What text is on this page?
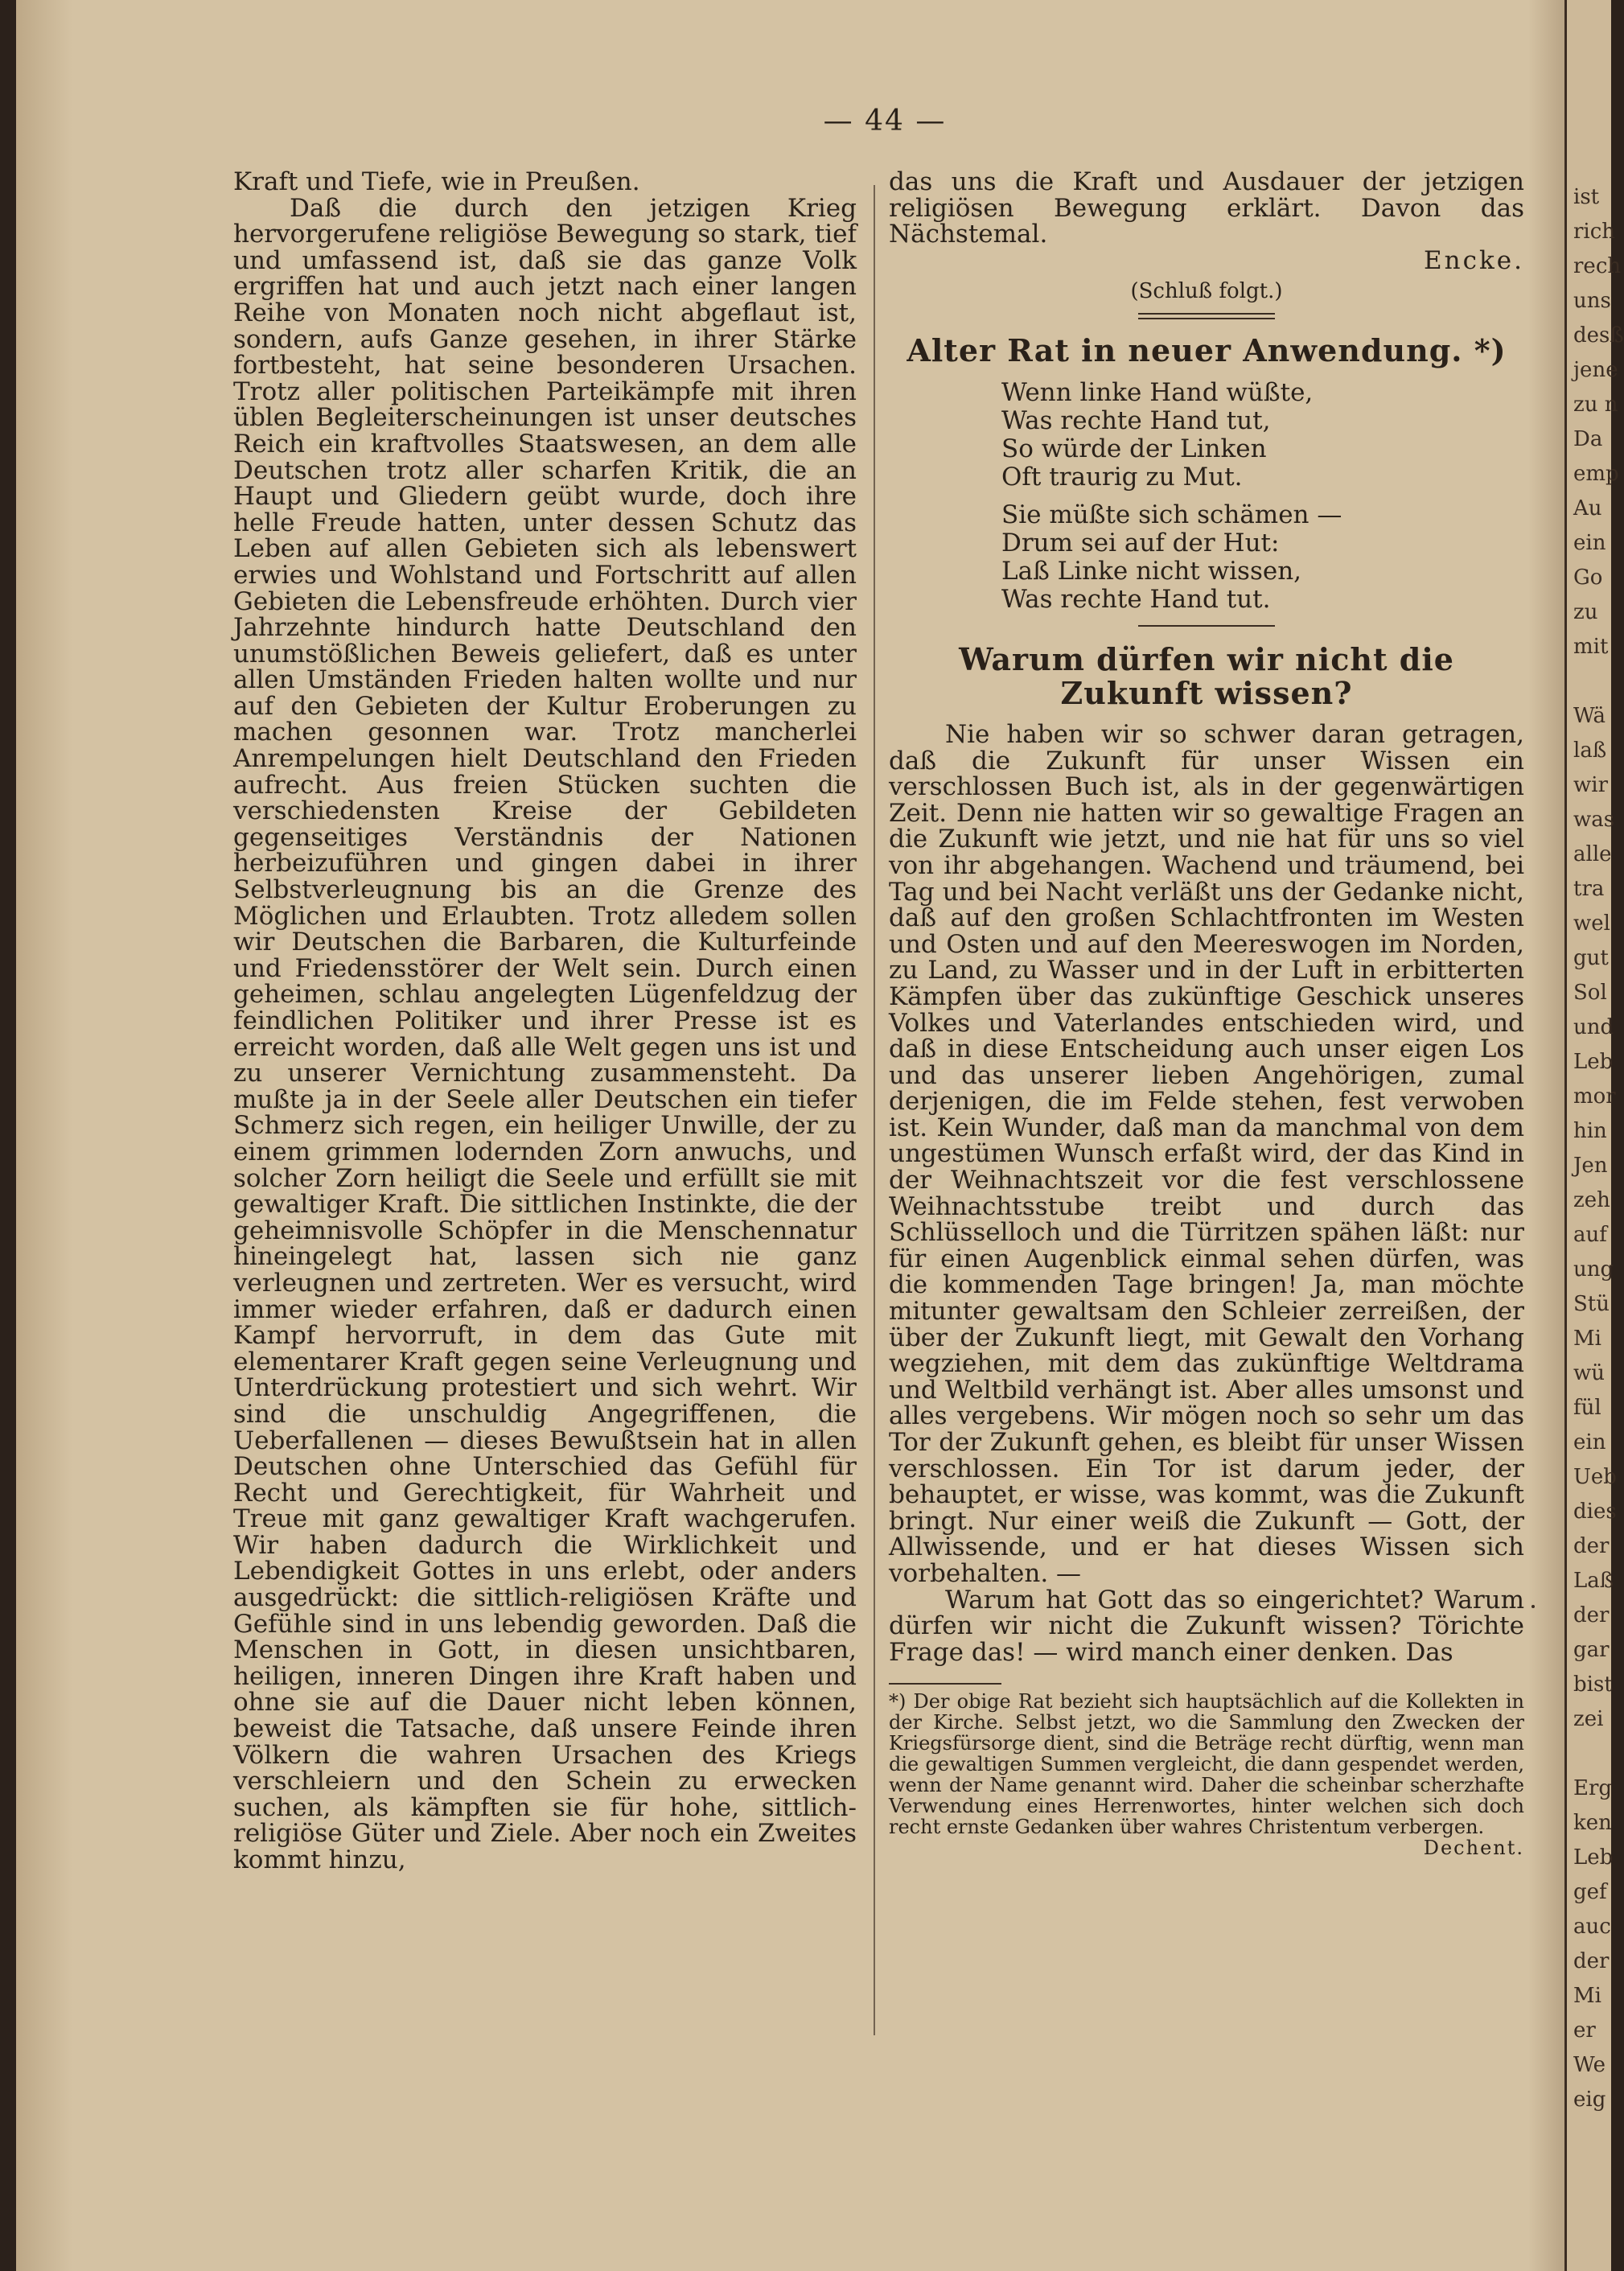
— 44 —

Kraft und Tiefe, wie in Preußen.

Daß die durch den jetzigen Krieg hervorgerufene religiöse Bewegung so stark, tief und umfassend ist, daß sie das ganze Volk ergriffen hat und auch jetzt nach einer langen Reihe von Monaten noch nicht abgeflaut ist, sondern, aufs Ganze gesehen, in ihrer Stärke fortbesteht, hat seine besonderen Ursachen. Trotz aller politischen Parteikämpfe mit ihren üblen Begleiterscheinungen ist unser deutsches Reich ein kraftvolles Staatswesen, an dem alle Deutschen trotz aller scharfen Kritik, die an Haupt und Gliedern geübt wurde, doch ihre helle Freude hatten, unter dessen Schutz das Leben auf allen Gebieten sich als lebenswert erwies und Wohlstand und Fortschritt auf allen Gebieten die Lebensfreude erhöhten. Durch vier Jahrzehnte hindurch hatte Deutschland den unumstößlichen Beweis geliefert, daß es unter allen Umständen Frieden halten wollte und nur auf den Gebieten der Kultur Eroberungen zu machen gesonnen war. Trotz mancherlei Anrempelungen hielt Deutschland den Frieden aufrecht. Aus freien Stücken suchten die verschiedensten Kreise der Gebildeten gegenseitiges Verständnis der Nationen herbeizuführen und gingen dabei in ihrer Selbstverleugnung bis an die Grenze des Möglichen und Erlaubten. Trotz alledem sollen wir Deutschen die Barbaren, die Kulturfeinde und Friedensstörer der Welt sein. Durch einen geheimen, schlau angelegten Lügenfeldzug der feindlichen Politiker und ihrer Presse ist es erreicht worden, daß alle Welt gegen uns ist und zu unserer Vernichtung zusammensteht. Da mußte ja in der Seele aller Deutschen ein tiefer Schmerz sich regen, ein heiliger Unwille, der zu einem grimmen lodernden Zorn anwuchs, und solcher Zorn heiligt die Seele und erfüllt sie mit gewaltiger Kraft. Die sittlichen Instinkte, die der geheimnisvolle Schöpfer in die Menschennatur hineingelegt hat, lassen sich nie ganz verleugnen und zertreten. Wer es versucht, wird immer wieder erfahren, daß er dadurch einen Kampf hervorruft, in dem das Gute mit elementarer Kraft gegen seine Verleugnung und Unterdrückung protestiert und sich wehrt. Wir sind die unschuldig Angegriffenen, die Ueberfallenen — dieses Bewußtsein hat in allen Deutschen ohne Unterschied das Gefühl für Recht und Gerechtigkeit, für Wahrheit und Treue mit ganz gewaltiger Kraft wachgerufen. Wir haben dadurch die Wirklichkeit und Lebendigkeit Gottes in uns erlebt, oder anders ausgedrückt: die sittlich-religiösen Kräfte und Gefühle sind in uns lebendig geworden. Daß die Menschen in Gott, in diesen unsichtbaren, heiligen, inneren Dingen ihre Kraft haben und ohne sie auf die Dauer nicht leben können, beweist die Tatsache, daß unsere Feinde ihren Völkern die wahren Ursachen des Kriegs verschleiern und den Schein zu erwecken suchen, als kämpften sie für hohe, sittlich-religiöse Güter und Ziele. Aber noch ein Zweites kommt hinzu,

das uns die Kraft und Ausdauer der jetzigen religiösen Bewegung erklärt. Davon das Nächstemal.

Encke.

(Schluß folgt.)
Alter Rat in neuer Anwendung. *)
Wenn linke Hand wüßte,
Was rechte Hand tut,
So würde der Linken
Oft traurig zu Mut.
Sie müßte sich schämen —
Drum sei auf der Hut:
Laß Linke nicht wissen,
Was rechte Hand tut.
Warum dürfen wir nicht die Zukunft wissen?

Nie haben wir so schwer daran getragen, daß die Zukunft für unser Wissen ein verschlossen Buch ist, als in der gegenwärtigen Zeit. Denn nie hatten wir so gewaltige Fragen an die Zukunft wie jetzt, und nie hat für uns so viel von ihr abgehangen. Wachend und träumend, bei Tag und bei Nacht verläßt uns der Gedanke nicht, daß auf den großen Schlachtfronten im Westen und Osten und auf den Meereswogen im Norden, zu Land, zu Wasser und in der Luft in erbitterten Kämpfen über das zukünftige Geschick unseres Volkes und Vaterlandes entschieden wird, und daß in diese Entscheidung auch unser eigen Los und das unserer lieben Angehörigen, zumal derjenigen, die im Felde stehen, fest verwoben ist. Kein Wunder, daß man da manchmal von dem ungestümen Wunsch erfaßt wird, der das Kind in der Weihnachtszeit vor die fest verschlossene Weihnachtsstube treibt und durch das Schlüsselloch und die Türritzen spähen läßt: nur für einen Augenblick einmal sehen dürfen, was die kommenden Tage bringen! Ja, man möchte mitunter gewaltsam den Schleier zerreißen, der über der Zukunft liegt, mit Gewalt den Vorhang wegziehen, mit dem das zukünftige Weltdrama und Weltbild verhängt ist. Aber alles umsonst und alles vergebens. Wir mögen noch so sehr um das Tor der Zukunft gehen, es bleibt für unser Wissen verschlossen. Ein Tor ist darum jeder, der behauptet, er wisse, was kommt, was die Zukunft bringt. Nur einer weiß die Zukunft — Gott, der Allwissende, und er hat dieses Wissen sich vorbehalten. —

Warum hat Gott das so eingerichtet? Warum dürfen wir nicht die Zukunft wissen? Törichte Frage das! — wird manch einer denken. Das

*) Der obige Rat bezieht sich hauptsächlich auf die Kollekten in der Kirche. Selbst jetzt, wo die Sammlung den Zwecken der Kriegsfürsorge dient, sind die Beträge recht dürftig, wenn man die gewaltigen Summen vergleicht, die dann gespendet werden, wenn der Name genannt wird. Daher die scheinbar scherzhafte Verwendung eines Herrenwortes, hinter welchen sich doch recht ernste Gedanken über wahres Christentum verbergen.
Dechent.
ist
rich
rech
uns
desß
jene
zu n
Da
emp
Au
ein
Go
zu
mit
Wä
laß
wir
was
alle
tra
wel
gut
Sol
und
Leb
mor
hin
Jen
zeh
auf
ung
Stü
Mi
wü
fül
ein
Ueb
dies
der
Laß
der
gar
bist
zei
Erg
ken
Leb
gef
auc
der
Mi
er
We
eig
